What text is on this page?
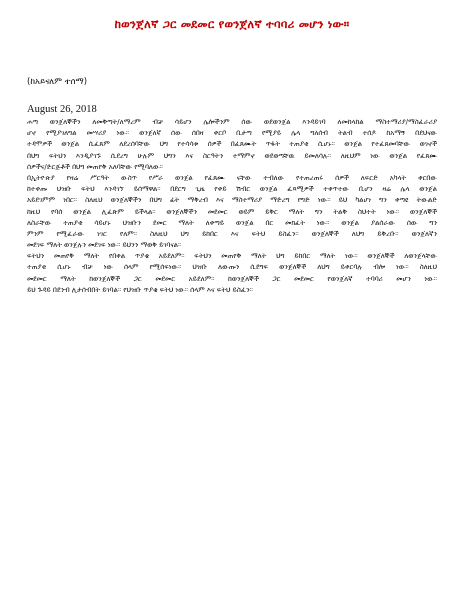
ከወንጀለኛ ጋር መደመር የወንጀለኛ ተባባሪ መሆን ነው።
(ከአይናለም ተሰማ)
August 26, 2018
ሐጣ ወንጀለኞችን ለመቅጣት/ለማረም ብቻ ሳይሆን ሌሎችንም ሰው ወደወንጀል እንዳይገባ ለመከላከል ማስተማሪያ/ማስፈራሪያ
ሆኖ የሚያገለግል መሣሪያ ነው። ወንጀለኛ ሰው ሰበዛ ቀርቦ ቢታጣ የሚያይ ሌላ ግለሰብ ትልብ ተሰዶ ከአማኝ በደህናው
ተዳሞዎች ወንጀል ሲፈጸም ለደረሰባቸው ህግ የተሳሳቱ ሰዎች በፈጸሙት ጥፋት ተጠያቂ ሲሆኑ። ወንጀል የተፈጸመባቸው ወገኖች
በህግ ፍትህን እንዲያገኙ ሲደረግ ሁሉም ህግን እና ስርዓትን ተማምኖ ወደወጣቸዉ ይመለሳሉ። ለዚህም ነው ወንጀል የፈጸሙ
ሰዎችና/ድርጅቶች በህግ መጠየቅ አለባቸው የሚባለው።
በኢትዮጵያ የዛሬ ሥርዓት ውስጥ የሥራ ወንጀል የፈጸሙ ናቸው ተብለው የተጠረጠሩ ሰዎች ለፍርድ አካላት ቀርበው
ከተቀጡ ህዝቡ ፍትህ እንዳገኘ ይሰማዋል። በደርግ ጊዜ የቀይ ሽብር ወንጀል ፈጻሚዎች ተቀጥተው ቢሆን ዛሬ ሌላ ወንጀል
አይደገምም ነበር። ስለዚህ ወንጀለኞችን በህግ ፊት ማቅረብ እና ማስተማሪያ ማድረግ የግድ ነው። ይህ ካልሆነ ግን ቀጣዩ ትውልድ
ከዚህ የባሰ ወንጀል ሊፈጽም ይችላል። ወንጀለኞችን መደመር ወይም ይቅር ማለት ግን ትልቅ ስህተት ነው። ወንጀለኞች
ለስራቸው ተጠያቂ ሳይሆኑ ህዝቡን ደመር ማለት ለቀጣይ ወንጀል በር መክፈት ነው። ወንጀል ያልሰራው ሰው ግን
ምንም የሚፈራው ነገር የለም። ስለዚህ ህግ ይከበር እና ፍትህ ይስፈን። ወንጀለኞች ለህግ ይቅረቡ። ወንጀለኛን
መደገፍ ማለት ወንጀሉን መደገፍ ነው። ይህንን ማወቅ ይገባናል።
ፍትህን መጠየቅ ማለት የበቀል ጥያቄ አይደለም። ፍትህን መጠየቅ ማለት ህግ ይከበር ማለት ነው። ወንጀለኞች ለወንጀላቸው
ተጠያቂ ሲሆኑ ብቻ ነው ሰላም የሚሰፍነው። ህዝቡ ለውጡን ሲደግፍ ወንጀለኞች ለህግ ይቀርባሉ ብሎ ነው። ስለዚህ
መደመር ማለት ከወንጀለኞች ጋር መደመር አይደለም። ከወንጀለኞች ጋር መደመር የወንጀለኛ ተባባሪ መሆን ነው።
ይህ ጉዳይ በደንብ ሊታሰብበት ይገባል። የህዝቡ ጥያቄ ፍትህ ነው። ሰላም እና ፍትህ ይስፈን።
